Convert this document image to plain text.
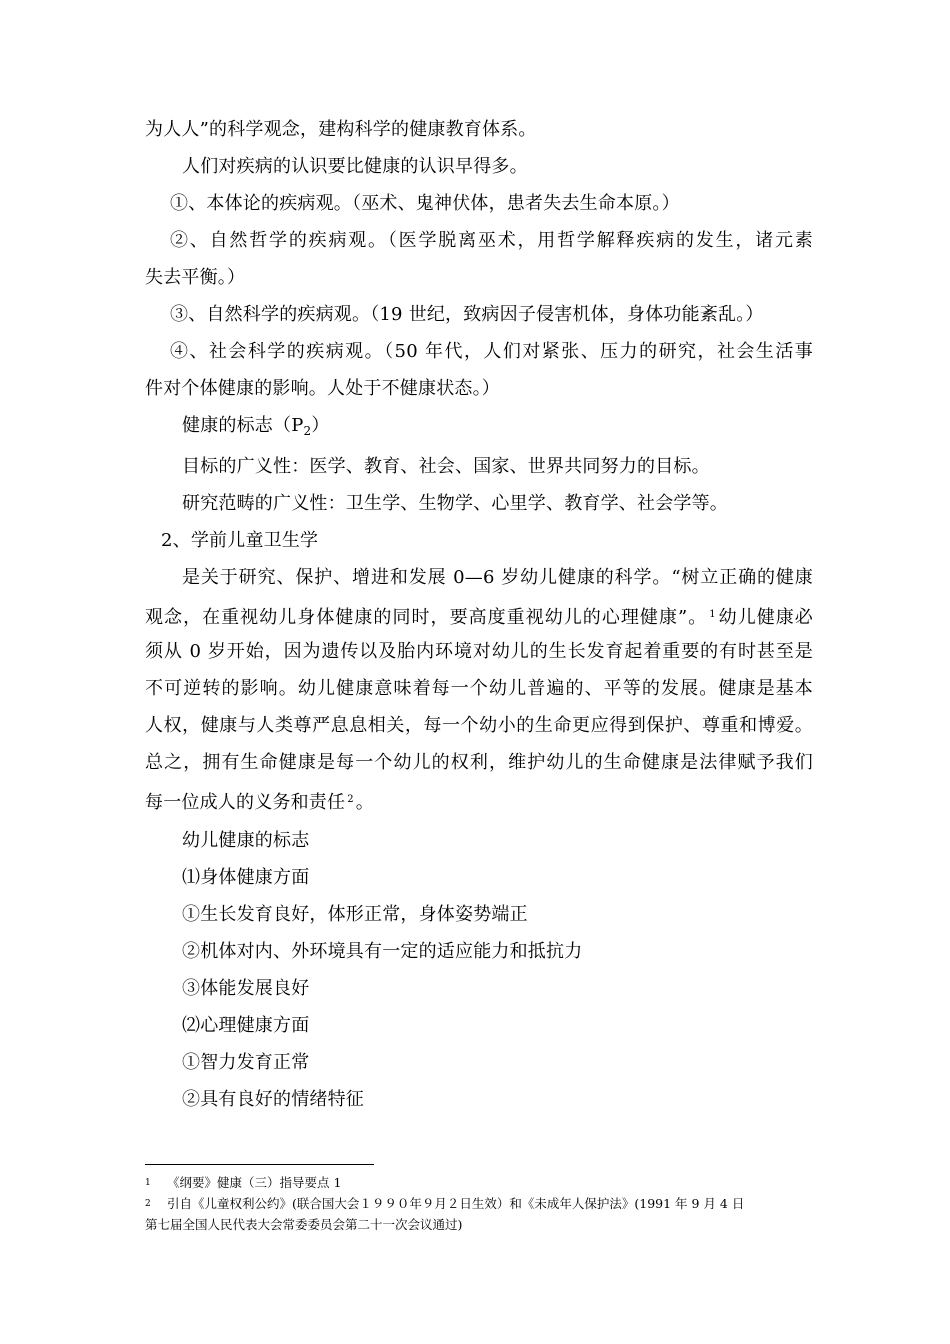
为人人”的科学观念，建构科学的健康教育体系。
人们对疾病的认识要比健康的认识早得多。
①、本体论的疾病观。（巫术、鬼神伏体，患者失去生命本原。）
②、自然哲学的疾病观。（医学脱离巫术，用哲学解释疾病的发生，诸元素
失去平衡。）
③、自然科学的疾病观。（19 世纪，致病因子侵害机体，身体功能紊乱。）
④、社会科学的疾病观。（50 年代，人们对紧张、压力的研究，社会生活事
件对个体健康的影响。人处于不健康状态。）
健康的标志$(P_2)$
目标的广义性：医学、教育、社会、国家、世界共同努力的目标。
研究范畴的广义性：卫生学、生物学、心里学、教育学、社会学等。
2、学前儿童卫生学
是关于研究、保护、增进和发展 0—6 岁幼儿健康的科学。“树立正确的健康
观念，在重视幼儿身体健康的同时，要高度重视幼儿的心理健康”。 $^1$ 幼儿健康必
须从 0 岁开始，因为遗传以及胎内环境对幼儿的生长发育起着重要的有时甚至是
不可逆转的影响。幼儿健康意味着每一个幼儿普遍的、平等的发展。健康是基本
人权，健康与人类尊严息息相关，每一个幼小的生命更应得到保护、尊重和博爱。
总之，拥有生命健康是每一个幼儿的权利，维护幼儿的生命健康是法律赋予我们
每一位成人的义务和责任 $^2$ 。
幼儿健康的标志
⑴身体健康方面
①生长发育良好，体形正常，身体姿势端正
②机体对内、外环境具有一定的适应能力和抵抗力
③体能发展良好
⑵心理健康方面
①智力发育正常
②具有良好的情绪特征
1 《纲要》健康（三）指导要点 1
2 引自《儿童权利公约》(联合国大会１９９０年９月２日生效）和《未成年人保护法》(1991 年 9 月 4 日
第七届全国人民代表大会常委委员会第二十一次会议通过)
